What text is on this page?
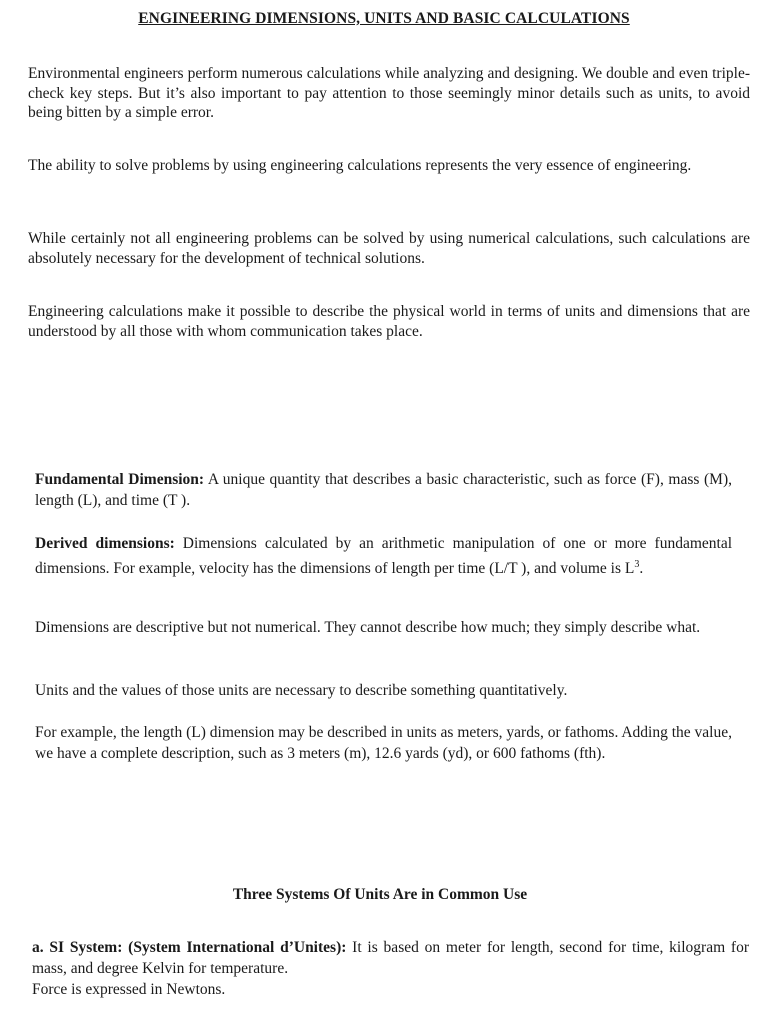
ENGINEERING DIMENSIONS, UNITS AND BASIC CALCULATIONS

Environmental engineers perform numerous calculations while analyzing and designing. We double and even triple-check key steps. But it’s also important to pay attention to those seemingly minor details such as units, to avoid being bitten by a simple error.

The ability to solve problems by using engineering calculations represents the very essence of engineering.

While certainly not all engineering problems can be solved by using numerical calculations, such calculations are absolutely necessary for the development of technical solutions.

Engineering calculations make it possible to describe the physical world in terms of units and dimensions that are understood by all those with whom communication takes place.

Fundamental Dimension: A unique quantity that describes a basic characteristic, such as force (F), mass (M), length (L), and time (T ).

Derived dimensions: Dimensions calculated by an arithmetic manipulation of one or more fundamental dimensions. For example, velocity has the dimensions of length per time (L/T ), and volume is $L^3$.

Dimensions are descriptive but not numerical. They cannot describe how much; they simply describe what.

Units and the values of those units are necessary to describe something quantitatively.

For example, the length (L) dimension may be described in units as meters, yards, or fathoms. Adding the value, we have a complete description, such as 3 meters (m), 12.6 yards (yd), or 600 fathoms (fth).

Three Systems Of Units Are in Common Use

a. SI System: (System International d’Unites): It is based on meter for length, second for time, kilogram for mass, and degree Kelvin for temperature.
Force is expressed in Newtons.
